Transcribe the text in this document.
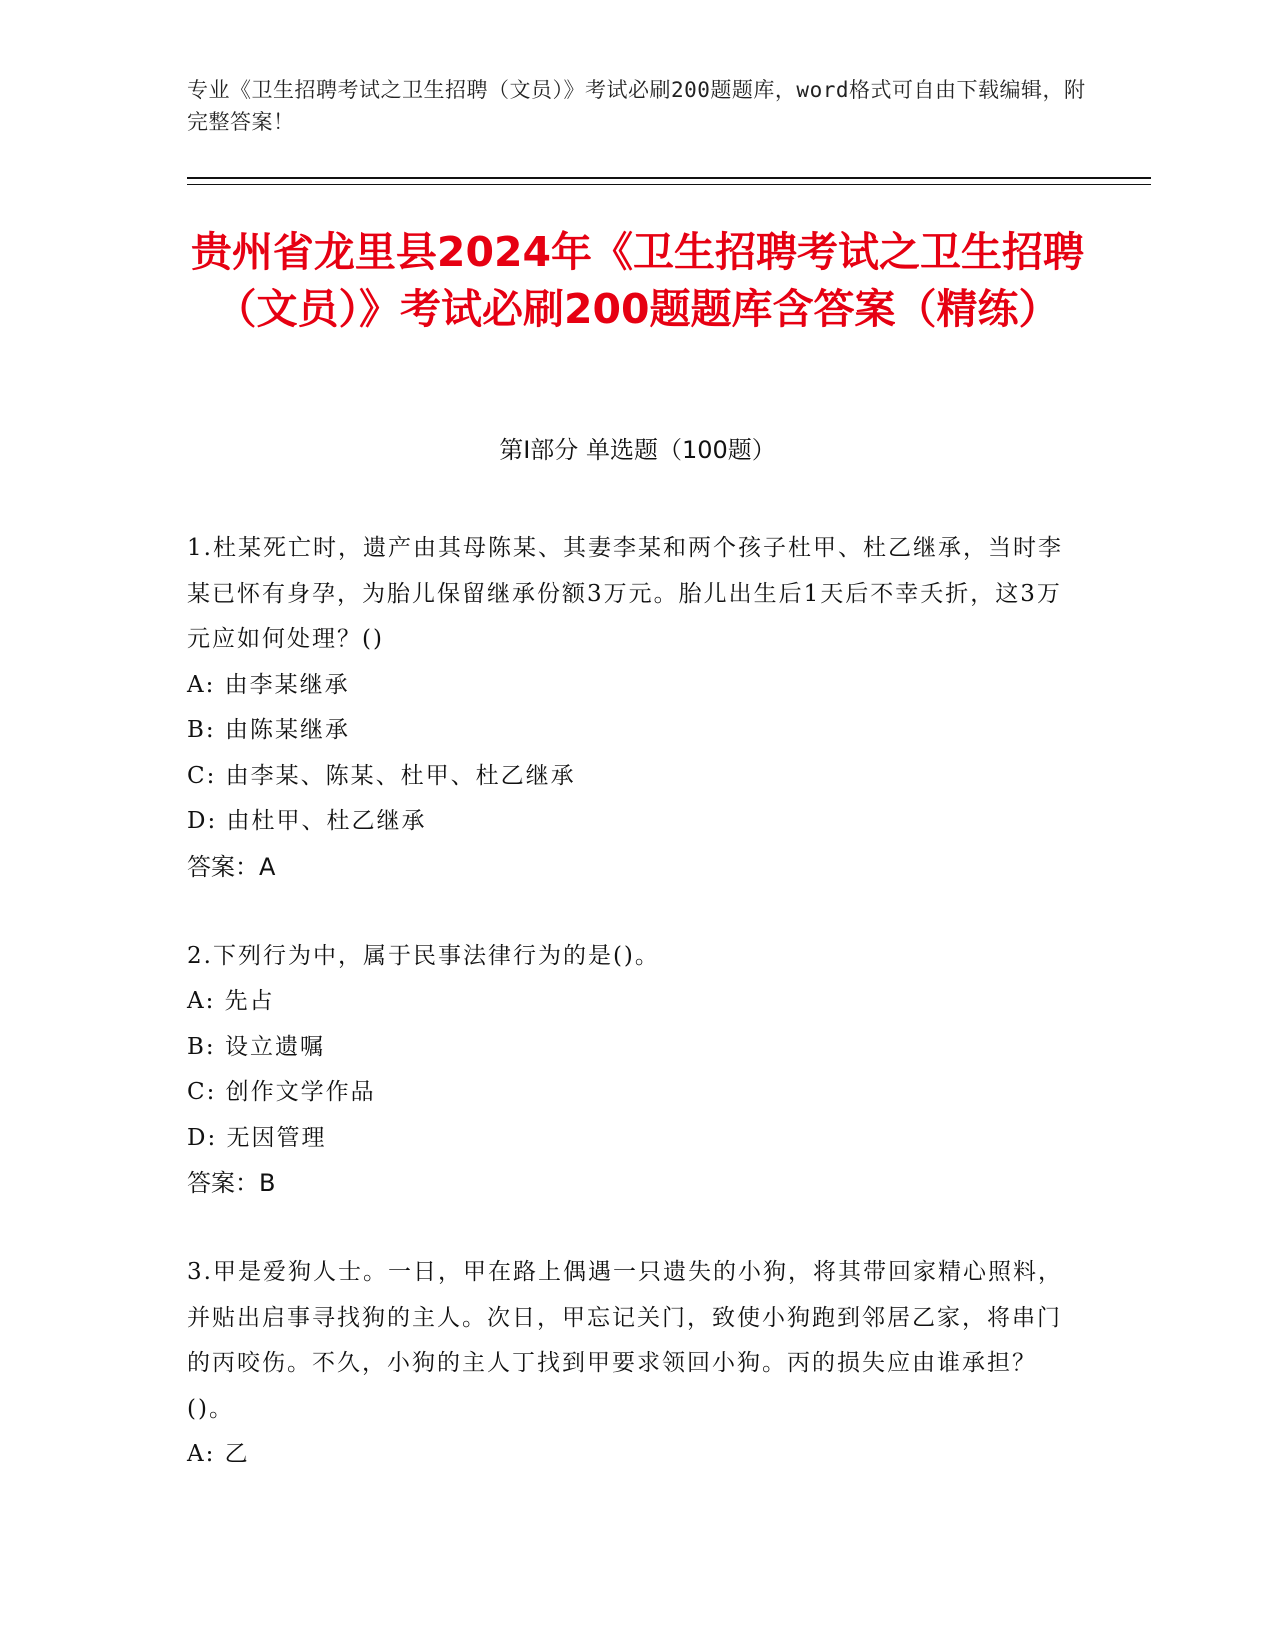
专业《卫生招聘考试之卫生招聘（文员）》考试必刷200题题库，word格式可自由下载编辑，附完整答案！
贵州省龙里县2024年《卫生招聘考试之卫生招聘（文员）》考试必刷200题题库含答案（精练）
第Ⅰ部分 单选题（100题）
1.杜某死亡时，遗产由其母陈某、其妻李某和两个孩子杜甲、杜乙继承，当时李某已怀有身孕，为胎儿保留继承份额3万元。胎儿出生后1天后不幸夭折，这3万元应如何处理？()
A: 由李某继承
B: 由陈某继承
C: 由李某、陈某、杜甲、杜乙继承
D: 由杜甲、杜乙继承
答案：A
2.下列行为中，属于民事法律行为的是()。
A: 先占
B: 设立遗嘱
C: 创作文学作品
D: 无因管理
答案：B
3.甲是爱狗人士。一日，甲在路上偶遇一只遗失的小狗，将其带回家精心照料，并贴出启事寻找狗的主人。次日，甲忘记关门，致使小狗跑到邻居乙家，将串门的丙咬伤。不久，小狗的主人丁找到甲要求领回小狗。丙的损失应由谁承担？()。
A: 乙
